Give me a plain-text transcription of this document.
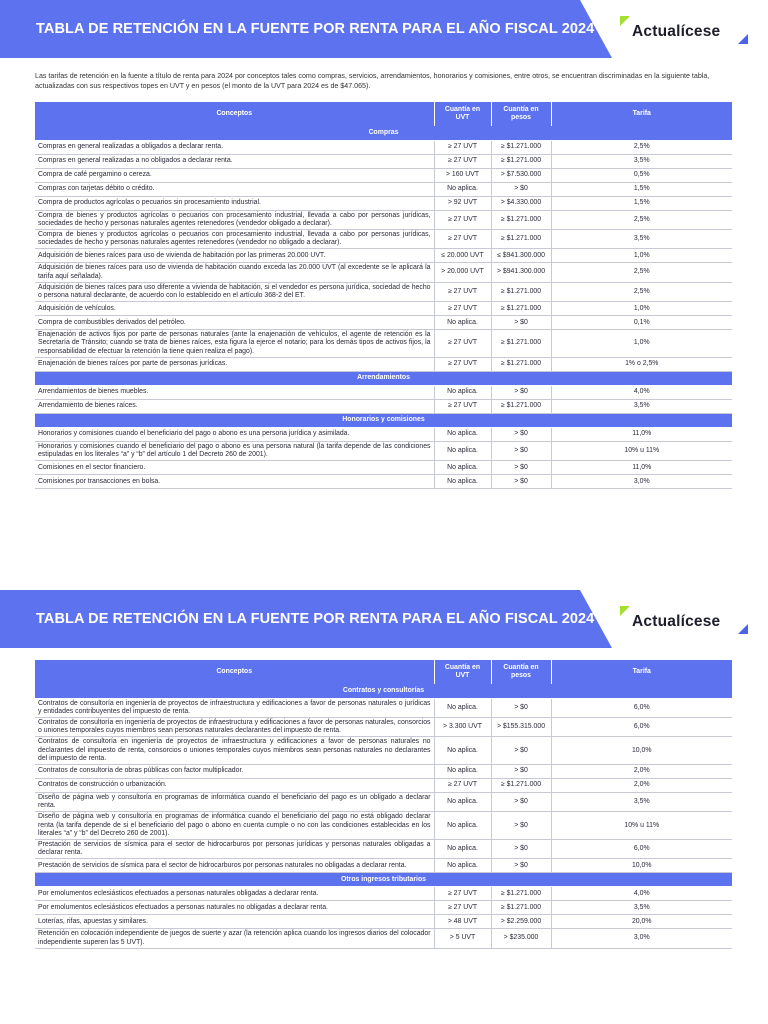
TABLA DE RETENCIÓN EN LA FUENTE POR RENTA PARA EL AÑO FISCAL 2024 Actualícese

Las tarifas de retención en la fuente a título de renta para 2024 por conceptos tales como compras, servicios, arrendamientos, honorarios y comisiones, entre otros, se encuentran discriminadas en la siguiente tabla, actualizadas con sus respectivos topes en UVT y en pesos (el monto de la UVT para 2024 es de $47.065).

Conceptos	Cuantía en UVT	Cuantía en pesos	Tarifa
Compras			
Compras en general realizadas a obligados a declarar renta.	≥ 27 UVT	≥ $1.271.000	2,5%
Compras en general realizadas a no obligados a declarar renta.	≥ 27 UVT	≥ $1.271.000	3,5%
Compra de café pergamino o cereza.	> 160 UVT	> $7.530.000	0,5%
Compras con tarjetas débito o crédito.	No aplica.	> $0	1,5%
Compra de productos agrícolas o pecuarios sin procesamiento industrial.	> 92 UVT	> $4.330.000	1,5%
Compra de bienes y productos agrícolas o pecuarios con procesamiento industrial, llevada a cabo por personas jurídicas, sociedades de hecho y personas naturales agentes retenedores (vendedor obligado a declarar).	≥ 27 UVT	≥ $1.271.000	2,5%
Compra de bienes y productos agrícolas o pecuarios con procesamiento industrial, llevada a cabo por personas jurídicas, sociedades de hecho y personas naturales agentes retenedores (vendedor no obligado a declarar).	≥ 27 UVT	≥ $1.271.000	3,5%
Adquisición de bienes raíces para uso de vivienda de habitación por las primeras 20.000 UVT.	≤ 20.000 UVT	≤ $941.300.000	1,0%
Adquisición de bienes raíces para uso de vivienda de habitación cuando exceda las 20.000 UVT (al excedente se le aplicará la tarifa aquí señalada).	> 20.000 UVT	> $941.300.000	2,5%
Adquisición de bienes raíces para uso diferente a vivienda de habitación, si el vendedor es persona jurídica, sociedad de hecho o persona natural declarante, de acuerdo con lo establecido en el artículo 368-2 del ET.	≥ 27 UVT	≥ $1.271.000	2,5%
Adquisición de vehículos.	≥ 27 UVT	≥ $1.271.000	1,0%
Compra de combustibles derivados del petróleo.	No aplica.	> $0	0,1%
Enajenación de activos fijos por parte de personas naturales (ante la enajenación de vehículos, el agente de retención es la Secretaría de Tránsito; cuando se trata de bienes raíces, esta figura la ejerce el notario; para los demás tipos de activos fijos, la responsabilidad de efectuar la retención la tiene quien realiza el pago).	≥ 27 UVT	≥ $1.271.000	1,0%
Enajenación de bienes raíces por parte de personas jurídicas.	≥ 27 UVT	≥ $1.271.000	1% o 2,5%
Arrendamientos			
Arrendamientos de bienes muebles.	No aplica.	> $0	4,0%
Arrendamiento de bienes raíces.	≥ 27 UVT	≥ $1.271.000	3,5%
Honorarios y comisiones			
Honorarios y comisiones cuando el beneficiario del pago o abono es una persona jurídica y asimilada.	No aplica.	> $0	11,0%
Honorarios y comisiones cuando el beneficiario del pago o abono es una persona natural (la tarifa depende de las condiciones estipuladas en los literales “a” y “b” del artículo 1 del Decreto 260 de 2001).	No aplica.	> $0	10% u 11%
Comisiones en el sector financiero.	No aplica.	> $0	11,0%
Comisiones por transacciones en bolsa.	No aplica.	> $0	3,0%
TABLA DE RETENCIÓN EN LA FUENTE POR RENTA PARA EL AÑO FISCAL 2024 Actualícese
Conceptos	Cuantía en UVT	Cuantía en pesos	Tarifa
Contratos y consultorías			
Contratos de consultoría en ingeniería de proyectos de infraestructura y edificaciones a favor de personas naturales o jurídicas y entidades contribuyentes del impuesto de renta.	No aplica.	> $0	6,0%
Contratos de consultoría en ingeniería de proyectos de infraestructura y edificaciones a favor de personas naturales, consorcios o uniones temporales cuyos miembros sean personas naturales declarantes del impuesto de renta.	> 3.300 UVT	> $155.315.000	6,0%
Contratos de consultoría en ingeniería de proyectos de infraestructura y edificaciones a favor de personas naturales no declarantes del impuesto de renta, consorcios o uniones temporales cuyos miembros sean personas naturales no declarantes del impuesto de renta.	No aplica.	> $0	10,0%
Contratos de consultoría de obras públicas con factor multiplicador.	No aplica.	> $0	2,0%
Contratos de construcción o urbanización.	≥ 27 UVT	≥ $1.271.000	2,0%
Diseño de página web y consultoría en programas de informática cuando el beneficiario del pago es un obligado a declarar renta.	No aplica.	> $0	3,5%
Diseño de página web y consultoría en programas de informática cuando el beneficiario del pago no está obligado declarar renta (la tarifa depende de si el beneficiario del pago o abono en cuenta cumple o no con las condiciones establecidas en los literales “a” y “b” del Decreto 260 de 2001).	No aplica.	> $0	10% u 11%
Prestación de servicios de sísmica para el sector de hidrocarburos por personas jurídicas y personas naturales obligadas a declarar renta.	No aplica.	> $0	6,0%
Prestación de servicios de sísmica para el sector de hidrocarburos por personas naturales no obligadas a declarar renta.	No aplica.	> $0	10,0%
Otros ingresos tributarios			
Por emolumentos eclesiásticos efectuados a personas naturales obligadas a declarar renta.	≥ 27 UVT	≥ $1.271.000	4,0%
Por emolumentos eclesiásticos efectuados a personas naturales no obligadas a declarar renta.	≥ 27 UVT	≥ $1.271.000	3,5%
Loterías, rifas, apuestas y similares.	> 48 UVT	> $2.259.000	20,0%
Retención en colocación independiente de juegos de suerte y azar (la retención aplica cuando los ingresos diarios del colocador independiente superen las 5 UVT).	> 5 UVT	> $235.000	3,0%
